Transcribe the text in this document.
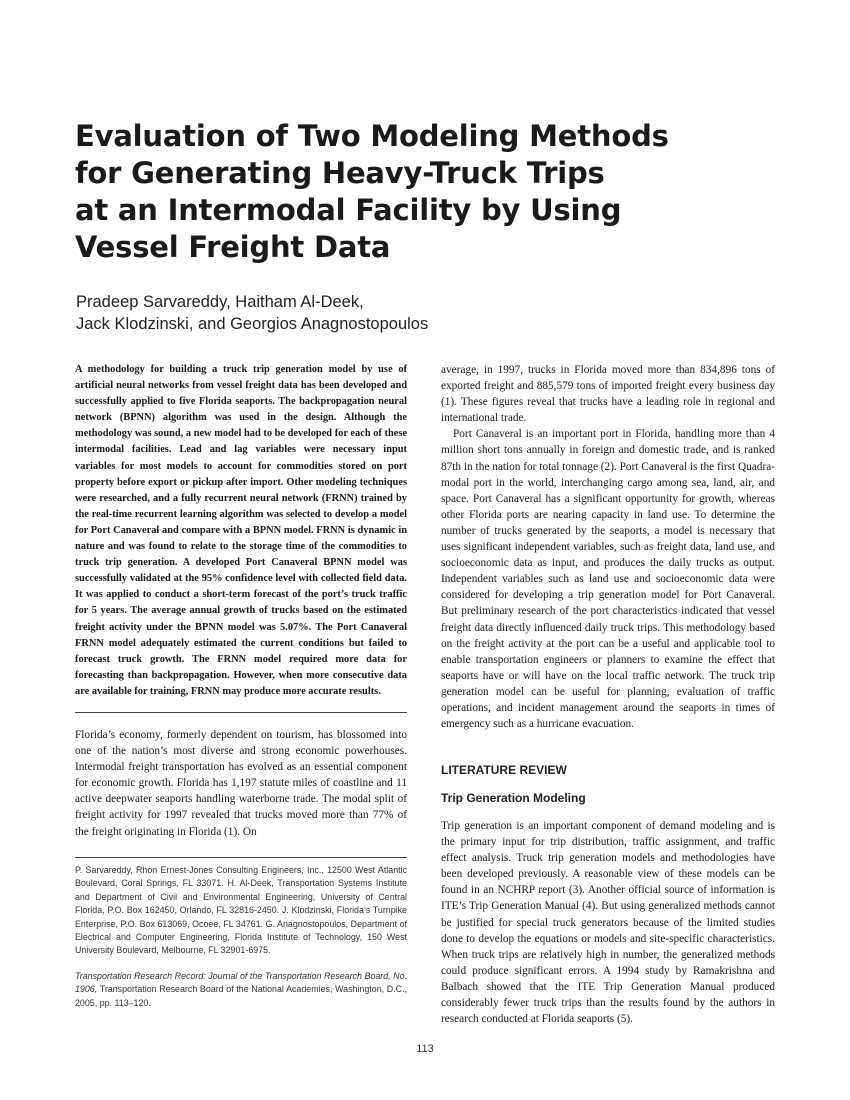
Evaluation of Two Modeling Methods
for Generating Heavy-Truck Trips
at an Intermodal Facility by Using
Vessel Freight Data
Pradeep Sarvareddy, Haitham Al-Deek,
Jack Klodzinski, and Georgios Anagnostopoulos
A methodology for building a truck trip generation model by use of artificial neural networks from vessel freight data has been developed and successfully applied to five Florida seaports. The backpropagation neural network (BPNN) algorithm was used in the design. Although the methodology was sound, a new model had to be developed for each of these intermodal facilities. Lead and lag variables were necessary input variables for most models to account for commodities stored on port property before export or pickup after import. Other modeling techniques were researched, and a fully recurrent neural network (FRNN) trained by the real-time recurrent learning algorithm was selected to develop a model for Port Canaveral and compare with a BPNN model. FRNN is dynamic in nature and was found to relate to the storage time of the commodities to truck trip generation. A developed Port Canaveral BPNN model was successfully validated at the 95% confidence level with collected field data. It was applied to conduct a short-term forecast of the port’s truck traffic for 5 years. The average annual growth of trucks based on the estimated freight activity under the BPNN model was 5.07%. The Port Canaveral FRNN model adequately estimated the current conditions but failed to forecast truck growth. The FRNN model required more data for forecasting than backpropagation. However, when more consecutive data are available for training, FRNN may produce more accurate results.
Florida’s economy, formerly dependent on tourism, has blossomed into one of the nation’s most diverse and strong economic powerhouses. Intermodal freight transportation has evolved as an essential component for economic growth. Florida has 1,197 statute miles of coastline and 11 active deepwater seaports handling waterborne trade. The modal split of freight activity for 1997 revealed that trucks moved more than 77% of the freight originating in Florida (1). On

P. Sarvareddy, Rhon Ernest-Jones Consulting Engineers, Inc., 12500 West Atlantic Boulevard, Coral Springs, FL 33071. H. Al-Deek, Transportation Systems Institute and Department of Civil and Environmental Engineering, University of Central Florida, P.O. Box 162450, Orlando, FL 32816-2450. J. Klodzinski, Florida’s Turnpike Enterprise, P.O. Box 613069, Ocoee, FL 34761. G. Anagnostopoulos, Department of Electrical and Computer Engineering, Florida Institute of Technology, 150 West University Boulevard, Melbourne, FL 32901-6975.

Transportation Research Record: Journal of the Transportation Research Board, No. 1906, Transportation Research Board of the National Academies, Washington, D.C., 2005, pp. 113–120.

average, in 1997, trucks in Florida moved more than 834,896 tons of exported freight and 885,579 tons of imported freight every business day (1). These figures reveal that trucks have a leading role in regional and international trade.

Port Canaveral is an important port in Florida, handling more than 4 million short tons annually in foreign and domestic trade, and is ranked 87th in the nation for total tonnage (2). Port Canaveral is the first Quadra-modal port in the world, interchanging cargo among sea, land, air, and space. Port Canaveral has a significant opportunity for growth, whereas other Florida ports are nearing capacity in land use. To determine the number of trucks generated by the seaports, a model is necessary that uses significant independent variables, such as freight data, land use, and socioeconomic data as input, and produces the daily trucks as output. Independent variables such as land use and socioeconomic data were considered for developing a trip generation model for Port Canaveral. But preliminary research of the port characteristics indicated that vessel freight data directly influenced daily truck trips. This methodology based on the freight activity at the port can be a useful and applicable tool to enable transportation engineers or planners to examine the effect that seaports have or will have on the local traffic network. The truck trip generation model can be useful for planning, evaluation of traffic operations, and incident management around the seaports in times of emergency such as a hurricane evacuation.

LITERATURE REVIEW
Trip Generation Modeling
Trip generation is an important component of demand modeling and is the primary input for trip distribution, traffic assignment, and traffic effect analysis. Truck trip generation models and methodologies have been developed previously. A reasonable view of these models can be found in an NCHRP report (3). Another official source of information is ITE’s Trip Generation Manual (4). But using generalized methods cannot be justified for special truck generators because of the limited studies done to develop the equations or models and site-specific characteristics. When truck trips are relatively high in number, the generalized methods could produce significant errors. A 1994 study by Ramakrishna and Balbach showed that the ITE Trip Generation Manual produced considerably fewer truck trips than the results found by the authors in research conducted at Florida seaports (5).
113
